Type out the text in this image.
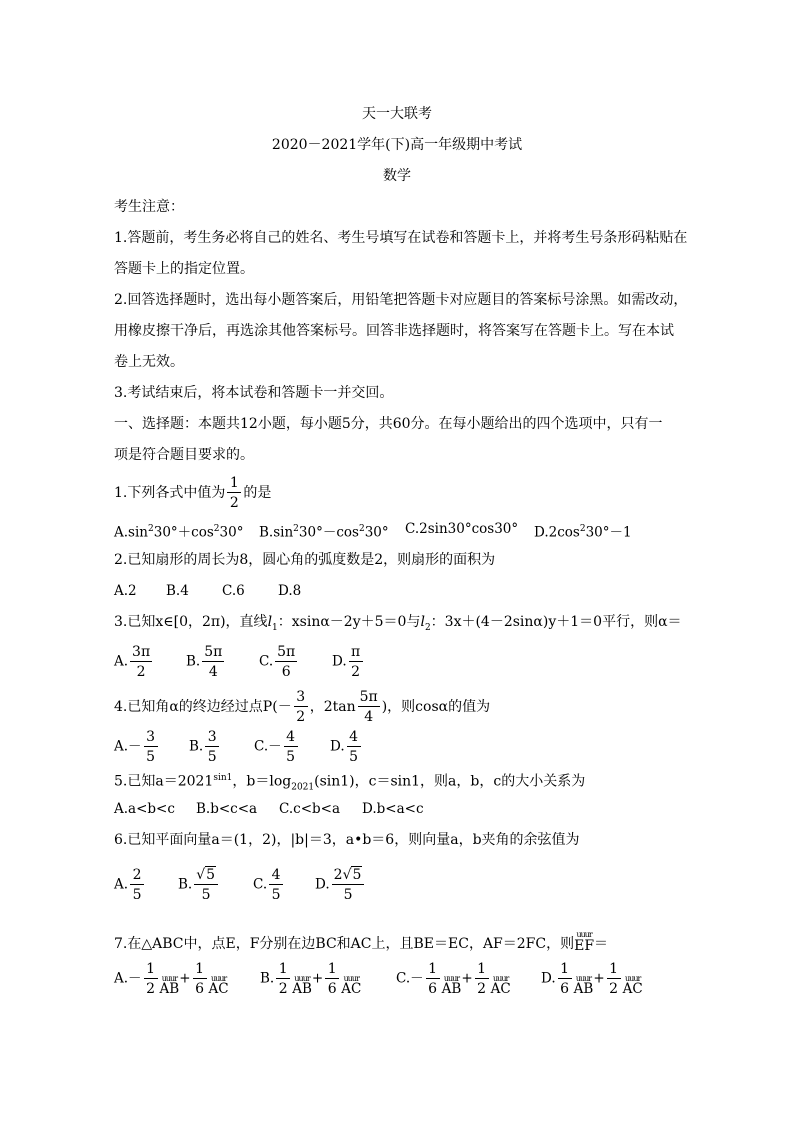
天一大联考
2020－2021学年(下)高一年级期中考试
数学
考生注意：
1.答题前，考生务必将自己的姓名、考生号填写在试卷和答题卡上，并将考生号条形码粘贴在
答题卡上的指定位置。
2.回答选择题时，选出每小题答案后，用铅笔把答题卡对应题目的答案标号涂黑。如需改动，
用橡皮擦干净后，再选涂其他答案标号。回答非选择题时，将答案写在答题卡上。写在本试
卷上无效。
3.考试结束后，将本试卷和答题卡一并交回。
一、选择题：本题共12小题，每小题5分，共60分。在每小题给出的四个选项中，只有一
项是符合题目要求的。
1.下列各式中值为 $\frac{1}{2}$ 的是
$A.\sin^230^\circ+\cos^230^\circ$ $B.\sin^230^\circ-\cos^230^\circ$ C.2sin30°cos30° $D.2\cos^230^\circ-1$
2.已知扇形的周长为8，圆心角的弧度数是2，则扇形的面积为
A.2 B.4 C.6 D.8
3.已知x∈[0，2π)，直线$l_1$：xsinα－2y＋5＝0与$l_2$：3x＋(4－2sinα)y＋1＝0平行，则α＝
A. $\frac{3\pi}{2}$	B. $\frac{5\pi}{4}$	C. $\frac{5\pi}{6}$	D. $\frac{\pi}{2}$
4.已知角α的终边经过点$P(- \frac{3}{2}$ ，$2\tan \frac{5\pi}{4}$ )，则cosα的值为
$A.- \frac{3}{5} B$. $\frac{3}{5}$	$C.- \frac{4}{5} D$. $\frac{4}{5}$
5.已知$a=2021^{sin1}$，$b=\log_{2021}(\sin 1)$，c＝sin1，则a，b，c的大小关系为
A.a<b<c B.b<c<a C.c<b<a D.b<a<c
6.已知平面向量a＝(1，2)，|b|＝3，a•b＝6，则向量a，b夹角的余弦值为
A. $\frac{2}{5}$	B. $\frac{√5}{5}$	C. $\frac{4}{5} D$. $\frac{2√5}{5}$
7.在△ABC中，点E，F分别在边BC和AC上，且BE＝EC，AF＝2FC，则
uuur
EF ＝
$A.- \frac{1}{2}$ uuur
AB
+ $\frac{1}{6}$ uuur
AC
B. $\frac{1}{2}$ uuur
AB
+ $\frac{1}{6}$ uuur
AC
$C.- \frac{1}{6}$ uuur
AB
+ $\frac{1}{2}$ uuur
AC
D. $\frac{1}{6}$ uuur
AB
+ $\frac{1}{2}$ uuur
AC
